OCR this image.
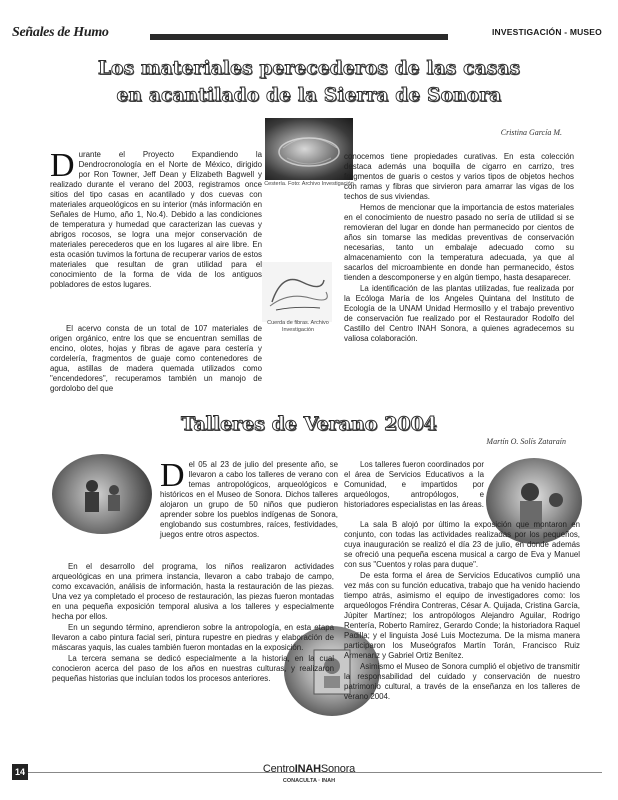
Señales de Humo	INVESTIGACIÓN - MUSEO
Los materiales perecederos de las casas
en acantilado de la Sierra de Sonora
Cristina García M.
Cestería. Foto: Archivo Investigación
Cuerda de fibras. Archivo Investigación
D urante el Proyecto Expandiendo la Dendrocronología en el Norte de México, dirigido por Ron Towner, Jeff Dean y Elizabeth Bagwell y realizado durante el verano del 2003, registramos once sitios del tipo casas en acantilado y dos cuevas con materiales arqueológicos en su interior (más información en Señales de Humo, año 1, No.4). Debido a las condiciones de temperatura y humedad que caracterizan las cuevas y abrigos rocosos, se logra una mejor conservación de materiales perecederos que en los lugares al aire libre. En esta ocasión tuvimos la fortuna de recuperar varios de estos materiales que resultan de gran utilidad para el conocimiento de la forma de vida de los antiguos pobladores de estos lugares.

El acervo consta de un total de 107 materiales de origen orgánico, entre los que se encuentran semillas de encino, olotes, hojas y fibras de agave para cestería y cordelería, fragmentos de guaje como contenedores de agua, astillas de madera quemada utilizados como "encendedores", recuperamos también un manojo de gordolobo del que

conocemos tiene propiedades curativas. En esta colección destaca además una boquilla de cigarro en carrizo, tres fragmentos de guaris o cestos y varios tipos de objetos hechos con ramas y fibras que sirvieron para amarrar las vigas de los techos de sus viviendas.

Hemos de mencionar que la importancia de estos materiales en el conocimiento de nuestro pasado no sería de utilidad si se removieran del lugar en donde han permanecido por cientos de años sin tomarse las medidas preventivas de conservación necesarias, tanto un embalaje adecuado como su almacenamiento con la temperatura adecuada, ya que al sacarlos del microambiente en donde han permanecido, éstos tienden a descomponerse y en algún tiempo, hasta desaparecer.

La identificación de las plantas utilizadas, fue realizada por la Ecóloga María de los Angeles Quintana del Instituto de Ecología de la UNAM Unidad Hermosillo y el trabajo preventivo de conservación fue realizado por el Restaurador Rodolfo del Castillo del Centro INAH Sonora, a quienes agradecemos su valiosa colaboración.

Talleres de Verano 2004
Martín O. Solís Zataraín
D el 05 al 23 de julio del presente año, se llevaron a cabo los talleres de verano con temas antropológicos, arqueológicos e históricos en el Museo de Sonora. Dichos talleres alojaron un grupo de 50 niños que pudieron aprender sobre los pueblos indígenas de Sonora, englobando sus costumbres, raíces, festividades, juegos entre otros aspectos.

En el desarrollo del programa, los niños realizaron actividades arqueológicas en una primera instancia, llevaron a cabo trabajo de campo, como excavación, análisis de información, hasta la restauración de las piezas. Una vez ya completado el proceso de restauración, las piezas fueron montadas en una pequeña exposición temporal alusiva a los talleres y especialmente hecha por ellos.

En un segundo término, aprendieron sobre la antropología, en esta etapa llevaron a cabo pintura facial seri, pintura rupestre en piedras y elaboración de máscaras yaquis, las cuales también fueron montadas en la exposición.

La tercera semana se dedicó especialmente a la historia, en la cual conocieron acerca del paso de los años en nuestras culturas, y realizaron pequeñas historias que incluían todos los procesos anteriores.

Los talleres fueron coordinados por el área de Servicios Educativos a la Comunidad, e impartidos por arqueólogos, antropólogos, e historiadores especialistas en las áreas.

La sala B alojó por último la exposición que montaron en conjunto, con todas las actividades realizadas por los pequeños, cuya inauguración se realizó el día 23 de julio, en donde además se ofreció una pequeña escena musical a cargo de Eva y Manuel con sus "Cuentos y rolas para duque".

De esta forma el área de Servicios Educativos cumplió una vez más con su función educativa, trabajo que ha venido haciendo tiempo atrás, asimismo el equipo de investigadores como: los arqueólogos Fréndira Contreras, César A. Quijada, Cristina García, Júpiter Martínez; los antropólogos Alejandro Aguilar, Rodrigo Rentería, Roberto Ramírez, Gerardo Conde; la historiadora Raquel Padilla; y el linguista José Luis Moctezuma. De la misma manera participaron los Museógrafos Martín Torán, Francisco Ruiz Armenariz y Gabriel Ortiz Benítez.

Asimismo el Museo de Sonora cumplió el objetivo de transmitir la responsabilidad del cuidado y conservación de nuestro patrimonio cultural, a través de la enseñanza en los talleres de verano 2004.

14	CentroINAHSonora
CONACULTA · INAH
